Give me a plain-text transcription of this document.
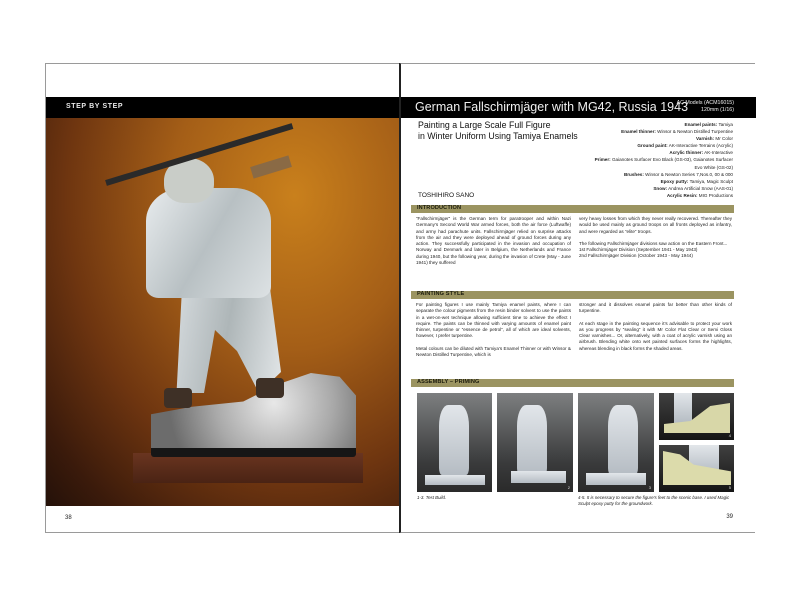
STEP BY STEP
38
German Fallschirmjäger with MG42, Russia 1943
AC Models (ACM16015)
120mm (1/16)
Painting a Large Scale Full Figure
in Winter Uniform Using Tamiya Enamels
TOSHIHIRO SANO
Enamel paints: Tamiya
Enamel thinner: Winsor & Newton Distilled Turpentine
Varnish: Mr Color
Ground paint: AK-Interactive Terrains (Acrylic)
Acrylic thinner: AK-Interactive
Primer: Gaianotes Surfacer Evo Black (GS-03), Gaianotes Surfacer
Evo White (GS-02)
Brushes: Winsor & Newton Series 7,Nos.0, 00 & 000
Epoxy putty: Tamiya, Magic Sculpt
Snow: Andrea Artificial Snow (AAS-01)
Acrylic Resin: MIG Productions
INTRODUCTION

“Fallschirmjäger” is the German term for paratrooper and within Nazi Germany’s Second World War armed forces, both the air force (Luftwaffe) and army had parachute units. Fallschirmjäger relied on surprise attacks from the air and they were deployed ahead of ground forces during any action. They successfully participated in the invasion and occupation of Norway and Denmark and later in Belgium, the Netherlands and France during 1940, but the following year, during the invasion of Crete (May - June 1941) they suffered

very heavy losses from which they never really recovered. Thereafter they would be used mainly as ground troops on all fronts deployed as infantry, and were regarded as “elite” troops.

The following Fallschirmjäger divisions saw action on the Eastern Front...
1st Fallschirmjäger Division (September 1941 - May 1943)
2nd Fallschirmjäger Division (October 1943 - May 1944)
PAINTING STYLE

For painting figures I use mainly Tamiya enamel paints, where I can separate the colour pigments from the resin binder solvent to use the paints in a wet-on-wet technique allowing sufficient time to achieve the effect I require. The paints can be thinned with varying amounts of enamel paint thinner, turpentine or “essence de petrol”, all of which are ideal solvents, however, I prefer turpentine.

Metal colours can be diluted with Tamiya’s Enamel Thinner or with Winsor & Newton Distilled Turpentine, which is

stronger and it dissolves enamel paints far better than other kinds of turpentine.

At each stage in the painting sequence it’s advisable to protect your work as you progress by “sealing” it with Mr Color Flat Clear or Semi Gloss Clear varnishes... Or, alternatively, with a coat of acrylic varnish using an airbrush. Blending white onto wet painted surfaces forms the highlights, whereas blending in black forms the shaded areas.

ASSEMBLY – PRIMING
2	3
4
5
1-3. Test Build.	4-5. It is necessary to secure the figure’s feet to the scenic base. I used Magic Sculpt epoxy putty for the groundwork.
39
